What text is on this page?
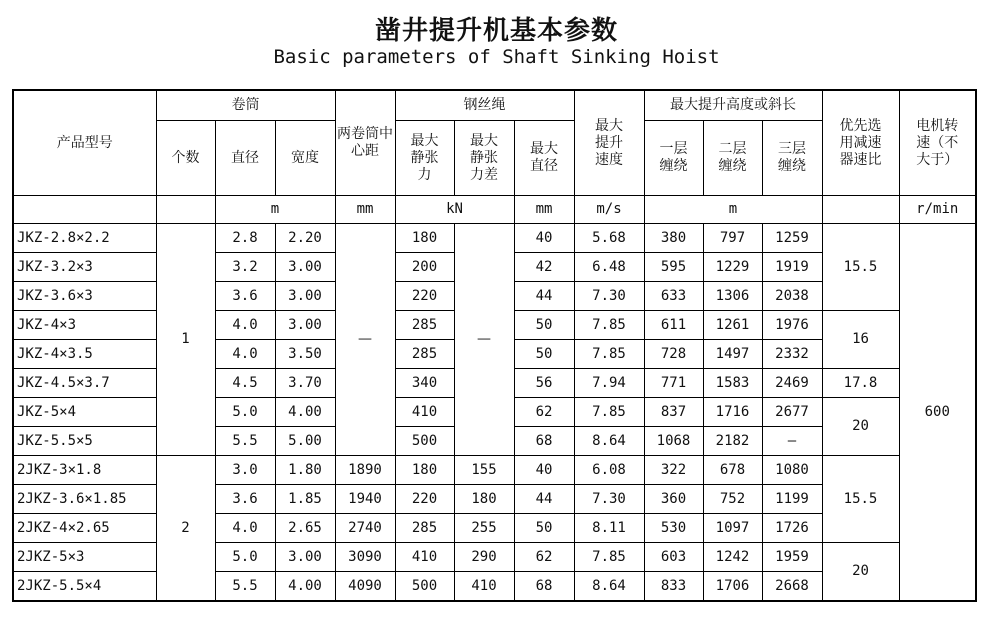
凿井提升机基本参数
Basic parameters of Shaft Sinking Hoist
产品型号	卷筒			两卷筒中心距	钢丝绳			最大提升速度	最大提升高度或斜长			优先选用减速器速比	电机转速（不大于）
	个数	直径	宽度		最大静张力	最大静张力差	最大直径		一层缠绕	二层缠绕	三层缠绕		
		m		mm	kN		mm	m/s	m				r/min
JKZ-2.8×2.2	1	2.8	2.20	—	180	—	40	5.68	380	797	1259	15.5	600
JKZ-3.2×3		3.2	3.00		200		42	6.48	595	1229	1919		
JKZ-3.6×3		3.6	3.00		220		44	7.30	633	1306	2038		
JKZ-4×3		4.0	3.00		285		50	7.85	611	1261	1976	16	
JKZ-4×3.5		4.0	3.50		285		50	7.85	728	1497	2332		
JKZ-4.5×3.7		4.5	3.70		340		56	7.94	771	1583	2469	17.8	
JKZ-5×4		5.0	4.00		410		62	7.85	837	1716	2677	20	
JKZ-5.5×5		5.5	5.00		500		68	8.64	1068	2182	—		
2JKZ-3×1.8	2	3.0	1.80	1890	180	155	40	6.08	322	678	1080	15.5	
2JKZ-3.6×1.85		3.6	1.85	1940	220	180	44	7.30	360	752	1199		
2JKZ-4×2.65		4.0	2.65	2740	285	255	50	8.11	530	1097	1726		
2JKZ-5×3		5.0	3.00	3090	410	290	62	7.85	603	1242	1959	20	
2JKZ-5.5×4		5.5	4.00	4090	500	410	68	8.64	833	1706	2668		
